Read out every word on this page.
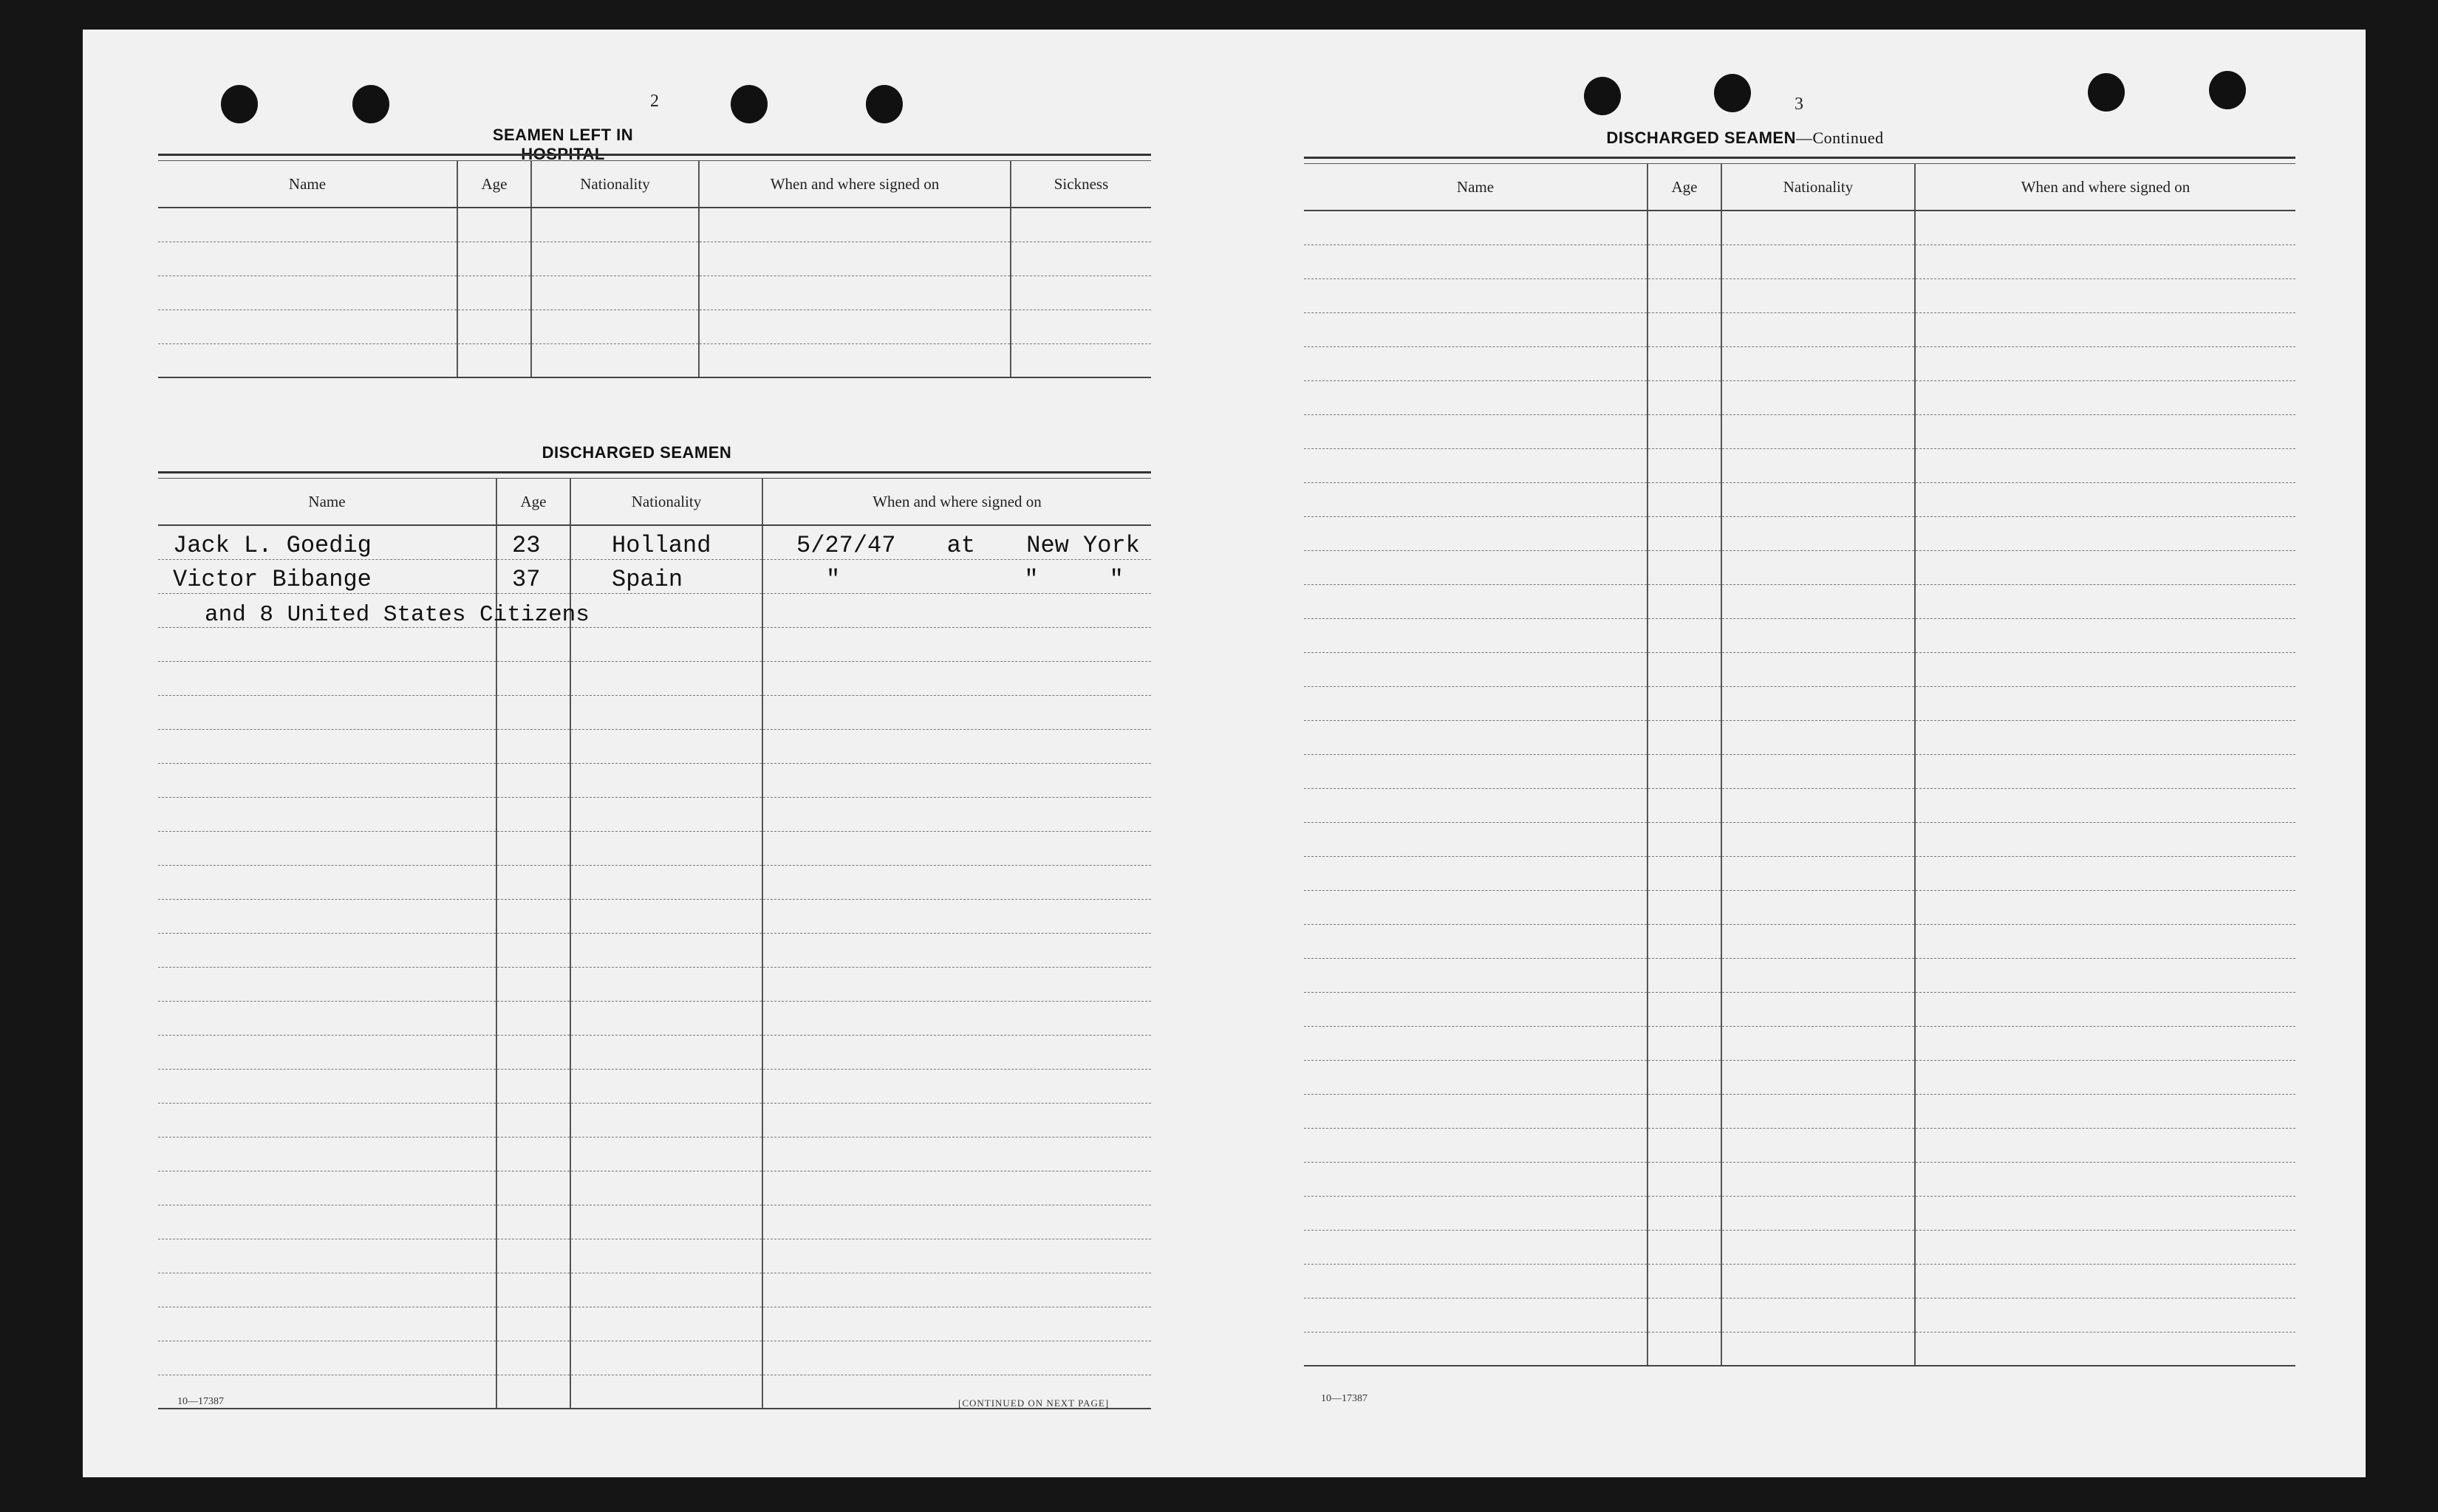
2
SEAMEN LEFT IN HOSPITAL
Name	Age	Nationality	When and where signed on	Sickness

DISCHARGED SEAMEN
Name	Age	Nationality	When and where signed on
Jack L. Goedig	23	Holland	5/27/47 at New York
Victor Bibange	37	Spain	" "     "

and 8 United States Citizens
10—17387	[CONTINUED ON NEXT PAGE]
3
DISCHARGED SEAMEN—Continued
Name	Age	Nationality	When and where signed on

10—17387
